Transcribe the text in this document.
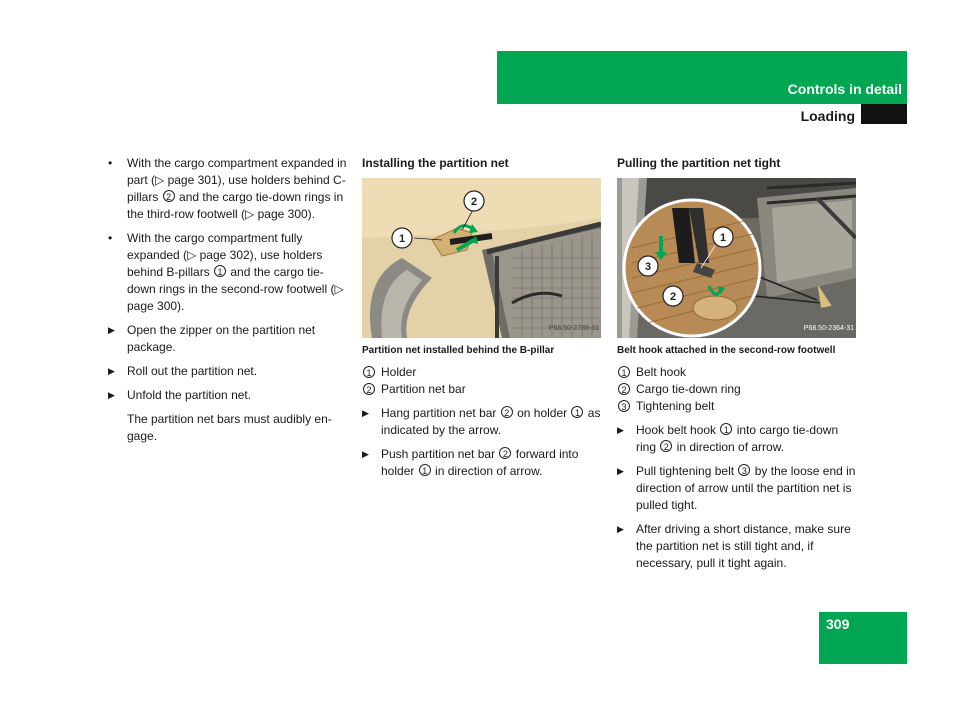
Controls in detail
Loading
•	With the cargo compartment expanded in part (▷ page 301), use holders behind C-pillars 2 and the cargo tie-down rings in the third-row footwell (▷ page 300).
•	With the cargo compartment fully expanded (▷ page 302), use holders behind B-pillars 1 and the cargo tie-down rings in the second-row footwell (▷ page 300).
▶	Open the zipper on the partition net package.
▶	Roll out the partition net.
▶	Unfold the partition net.
The partition net bars must audibly en-gage.
Installing the partition net
1
2
P68.50-2789-31
Partition net installed behind the B-pillar
1 Holder
2 Partition net bar
▶	Hang partition net bar 2 on holder 1 as indicated by the arrow.
▶	Push partition net bar 2 forward into holder 1 in direction of arrow.
Pulling the partition net tight
1
2
3
P68.50-2364-31
Belt hook attached in the second-row footwell
1 Belt hook
2 Cargo tie-down ring
3 Tightening belt
▶	Hook belt hook 1 into cargo tie-down ring 2 in direction of arrow.
▶	Pull tightening belt 3 by the loose end in direction of arrow until the partition net is pulled tight.
▶	After driving a short distance, make sure the partition net is still tight and, if necessary, pull it tight again.
309
